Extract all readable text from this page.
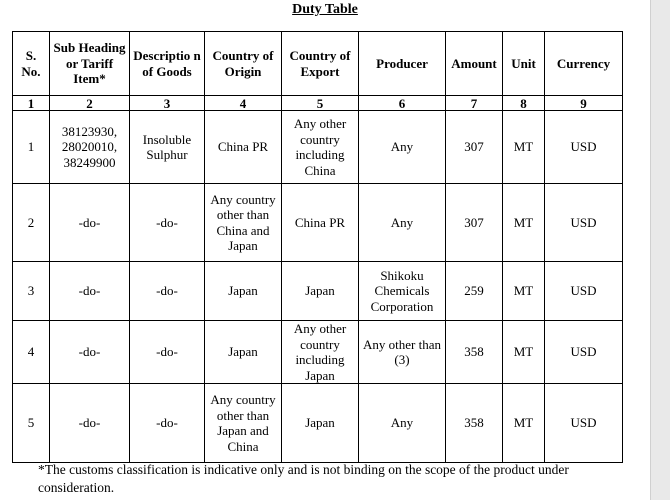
Duty Table
S. No.	Sub Heading or Tariff Item*	Descriptio n of Goods	Country of Origin	Country of Export	Producer	Amount	Unit	Currency
1	2	3	4	5	6	7	8	9
1	38123930, 28020010, 38249900	Insoluble Sulphur	China PR	Any other country including China	Any	307	MT	USD
2	-do-	-do-	Any country other than China and Japan	China PR	Any	307	MT	USD
3	-do-	-do-	Japan	Japan	Shikoku Chemicals Corporation	259	MT	USD
4	-do-	-do-	Japan	Any other country including Japan	Any other than (3)	358	MT	USD
5	-do-	-do-	Any country other than Japan and China	Japan	Any	358	MT	USD
*The customs classification is indicative only and is not binding on the scope of the product under consideration.
